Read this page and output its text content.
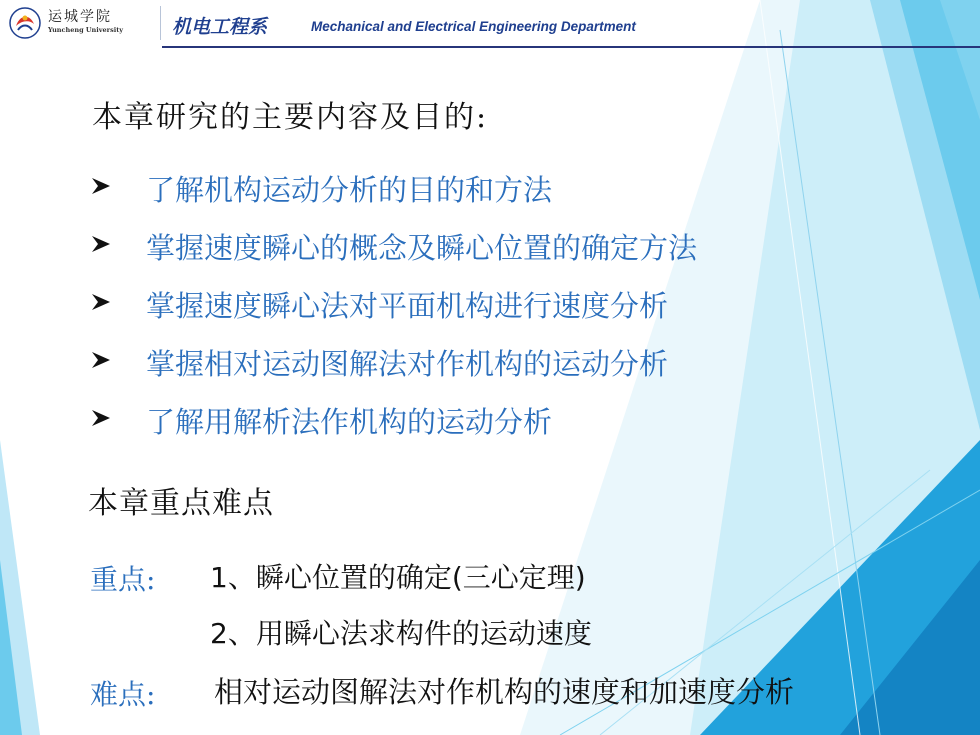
运城学院
Yuncheng University	机电工程系	Mechanical and Electrical Engineering Department
本章研究的主要内容及目的:
了解机构运动分析的目的和方法
掌握速度瞬心的概念及瞬心位置的确定方法
掌握速度瞬心法对平面机构进行速度分析
掌握相对运动图解法对作机构的运动分析
了解用解析法作机构的运动分析
本章重点难点
重点: 1、瞬心位置的确定(三心定理)
2、用瞬心法求构件的运动速度
难点: 相对运动图解法对作机构的速度和加速度分析
